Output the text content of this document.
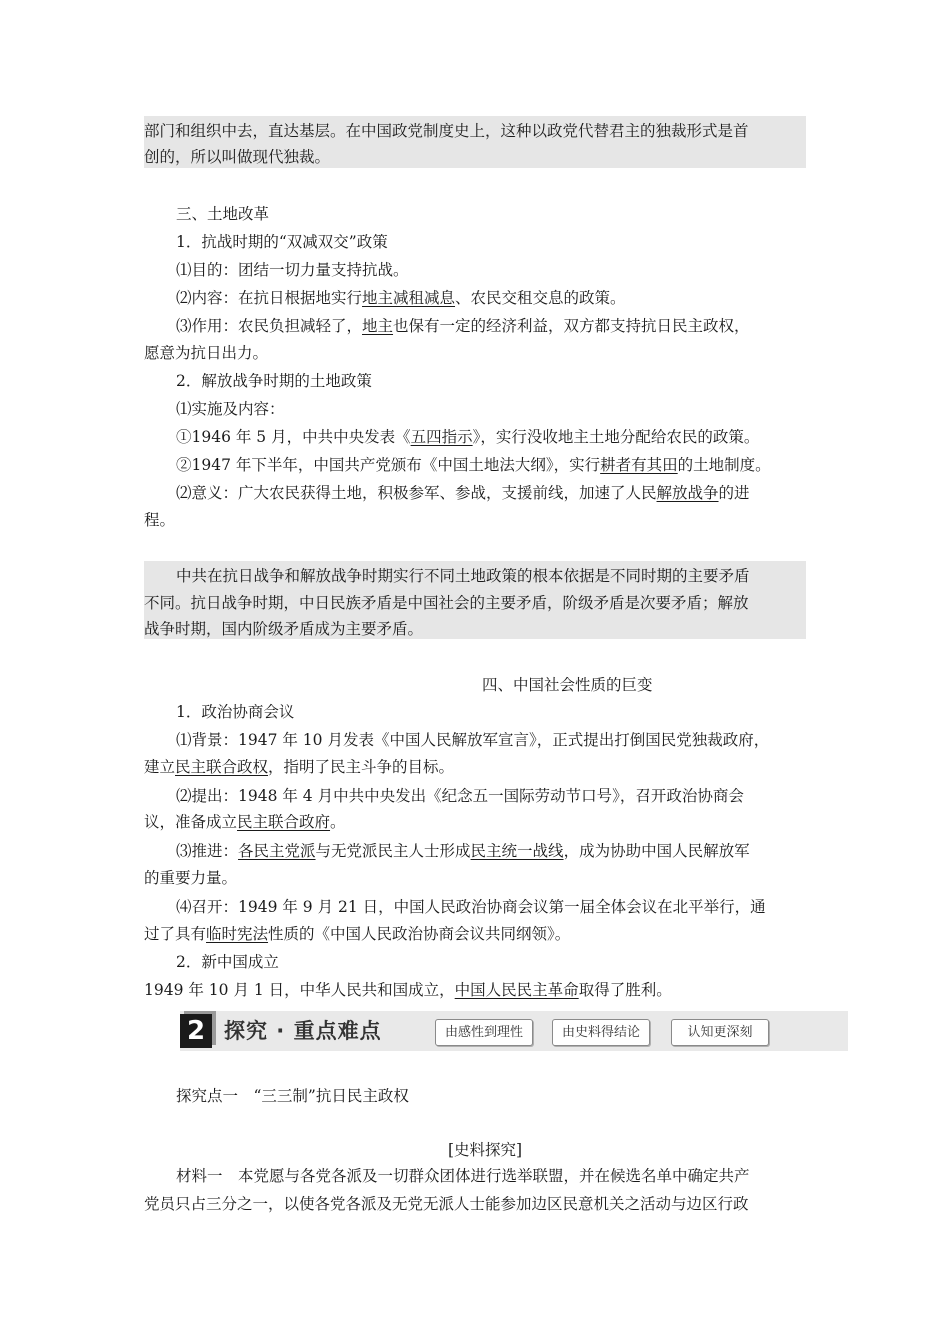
部门和组织中去，直达基层。在中国政党制度史上，这种以政党代替君主的独裁形式是首
创的，所以叫做现代独裁。
三、土地改革
1．抗战时期的“双减双交”政策
⑴目的：团结一切力量支持抗战。
⑵内容：在抗日根据地实行地主减租减息、农民交租交息的政策。
⑶作用：农民负担减轻了，地主也保有一定的经济利益，双方都支持抗日民主政权，
愿意为抗日出力。
2．解放战争时期的土地政策
⑴实施及内容：
①1946 年 5 月，中共中央发表《五四指示》，实行没收地主土地分配给农民的政策。
②1947 年下半年，中国共产党颁布《中国土地法大纲》，实行耕者有其田的土地制度。
⑵意义：广大农民获得土地，积极参军、参战，支援前线，加速了人民解放战争的进
程。
中共在抗日战争和解放战争时期实行不同土地政策的根本依据是不同时期的主要矛盾
不同。抗日战争时期，中日民族矛盾是中国社会的主要矛盾，阶级矛盾是次要矛盾；解放
战争时期，国内阶级矛盾成为主要矛盾。
四、中国社会性质的巨变
1．政治协商会议
⑴背景：1947 年 10 月发表《中国人民解放军宣言》，正式提出打倒国民党独裁政府，
建立民主联合政权，指明了民主斗争的目标。
⑵提出：1948 年 4 月中共中央发出《纪念五一国际劳动节口号》，召开政治协商会
议，准备成立民主联合政府。
⑶推进：各民主党派与无党派民主人士形成民主统一战线，成为协助中国人民解放军
的重要力量。
⑷召开：1949 年 9 月 21 日，中国人民政治协商会议第一届全体会议在北平举行，通
过了具有临时宪法性质的《中国人民政治协商会议共同纲领》。
2．新中国成立
1949 年 10 月 1 日，中华人民共和国成立，中国人民民主革命取得了胜利。
2 探究 · 重点难点	由感性到理性	由史料得结论	认知更深刻
探究点一　“三三制”抗日民主政权
[史料探究]
材料一　本党愿与各党各派及一切群众团体进行选举联盟，并在候选名单中确定共产
党员只占三分之一，以使各党各派及无党无派人士能参加边区民意机关之活动与边区行政
